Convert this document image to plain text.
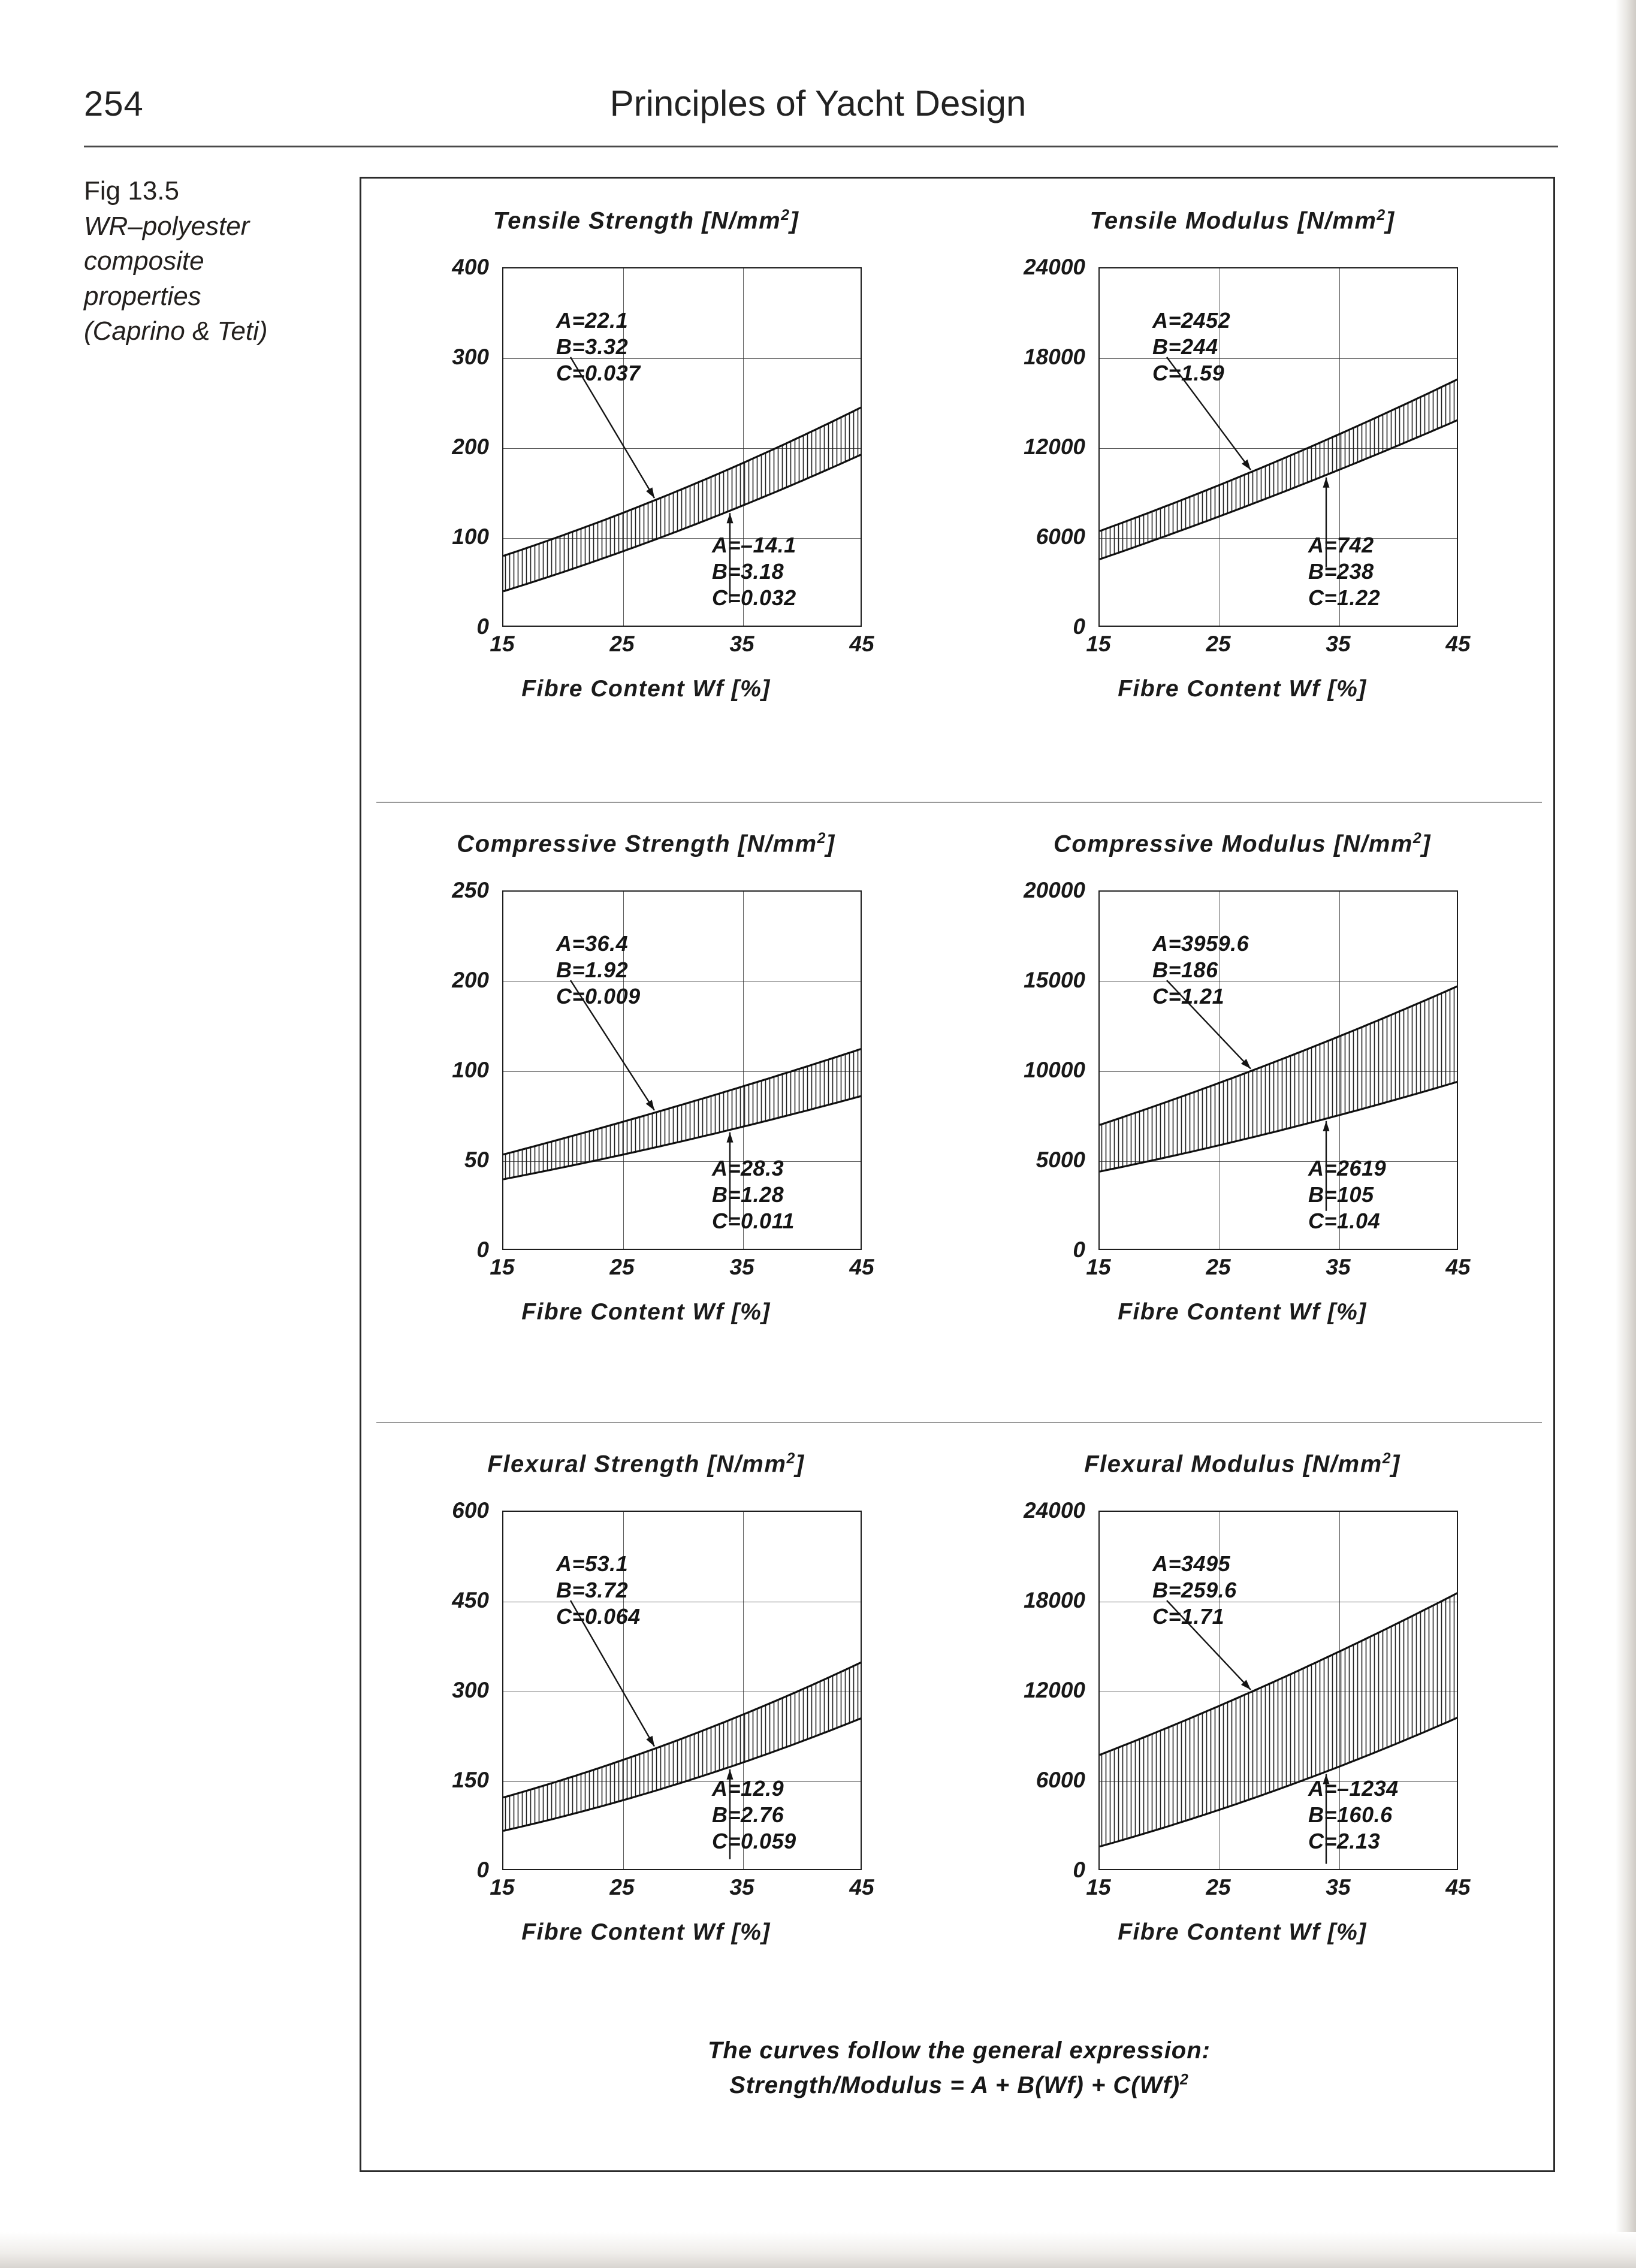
254	Principles of Yacht Design
Fig 13.5
WR–polyester
composite
properties
(Caprino & Teti)
Tensile Strength $[N/mm^2]$
400
300
200
100
0
15	25	35	45
Fibre Content Wf [%]
A=22.1
B=3.32
C=0.037
A=–14.1
B=3.18
C=0.032
Tensile Modulus $[N/mm^2]$
24000
18000
12000
6000
0
15	25	35	45
Fibre Content Wf [%]
A=2452
B=244
C=1.59
A=742
B=238
C=1.22
Compressive Strength $[N/mm^2]$
250
200
100
50
0
15	25	35	45
Fibre Content Wf [%]
A=36.4
B=1.92
C=0.009
A=28.3
B=1.28
C=0.011
Compressive Modulus $[N/mm^2]$
20000
15000
10000
5000
0
15	25	35	45
Fibre Content Wf [%]
A=3959.6
B=186
C=1.21
A=2619
B=105
C=1.04
Flexural Strength $[N/mm^2]$
600
450
300
150
0
15	25	35	45
Fibre Content Wf [%]
A=53.1
B=3.72
C=0.064
A=12.9
B=2.76
C=0.059
Flexural Modulus $[N/mm^2]$
24000
18000
12000
6000
0
15	25	35	45
Fibre Content Wf [%]
A=3495
B=259.6
C=1.71
A=–1234
B=160.6
C=2.13
The curves follow the general expression:
Strength/Modulus = $A + B(Wf) + C(Wf)^2$
